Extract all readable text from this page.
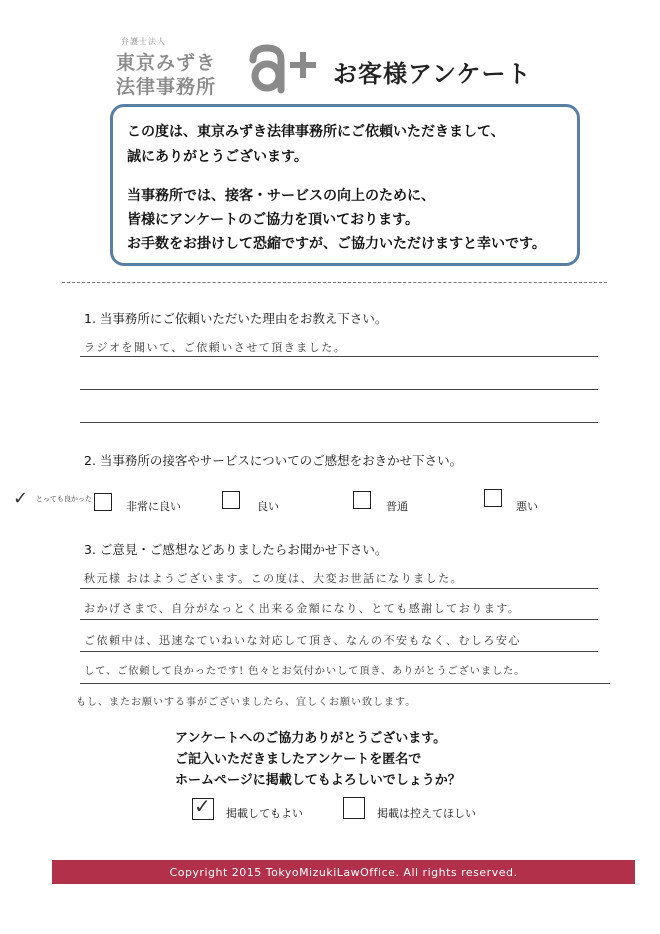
弁護士法人
東京みずき
法律事務所	お客様アンケート
この度は、東京みずき法律事務所にご依頼いただきまして、
誠にありがとうございます。
当事務所では、接客・サービスの向上のために、
皆様にアンケートのご協力を頂いております。
お手数をお掛けして恐縮ですが、ご協力いただけますと幸いです。
1. 当事務所にご依頼いただいた理由をお教え下さい。
ラジオを聞いて、ご依頼いさせて頂きました。
2. 当事務所の接客やサービスについてのご感想をおきかせ下さい。
✓ とっても良かった
非常に良い	良い	普通	悪い
3. ご意見・ご感想などありましたらお聞かせ下さい。
秋元様 おはようございます。この度は、大変お世話になりました。
おかげさまで、自分がなっとく出来る金額になり、とても感謝しております。
ご依頼中は、迅速なていねいな対応して頂き、なんの不安もなく、むしろ安心
して、ご依頼して良かったです! 色々とお気付かいして頂き、ありがとうございました。
もし、またお願いする事がございましたら、宜しくお願い致します。
アンケートへのご協力ありがとうございます。
ご記入いただきましたアンケートを匿名で
ホームページに掲載してもよろしいでしょうか？
✓ 掲載してもよい	掲載は控えてほしい
Copyright 2015 TokyoMizukiLawOffice. All rights reserved.
